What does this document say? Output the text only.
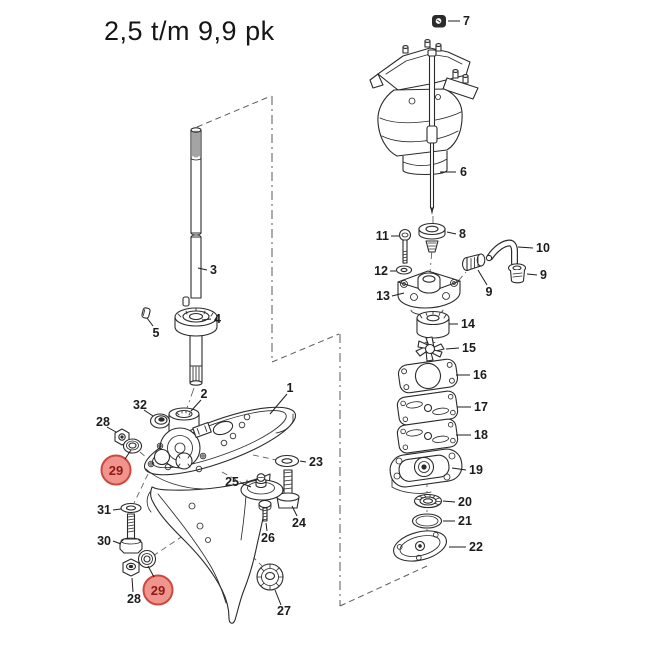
2,5 t/m 9,9 pk
29
29
1
2
3
4
5
6
7
8
9
9
10
11
12
13
14
15
16
17
18
19
20
21
22
23
24
25
26
27
28
28
30
31
32
